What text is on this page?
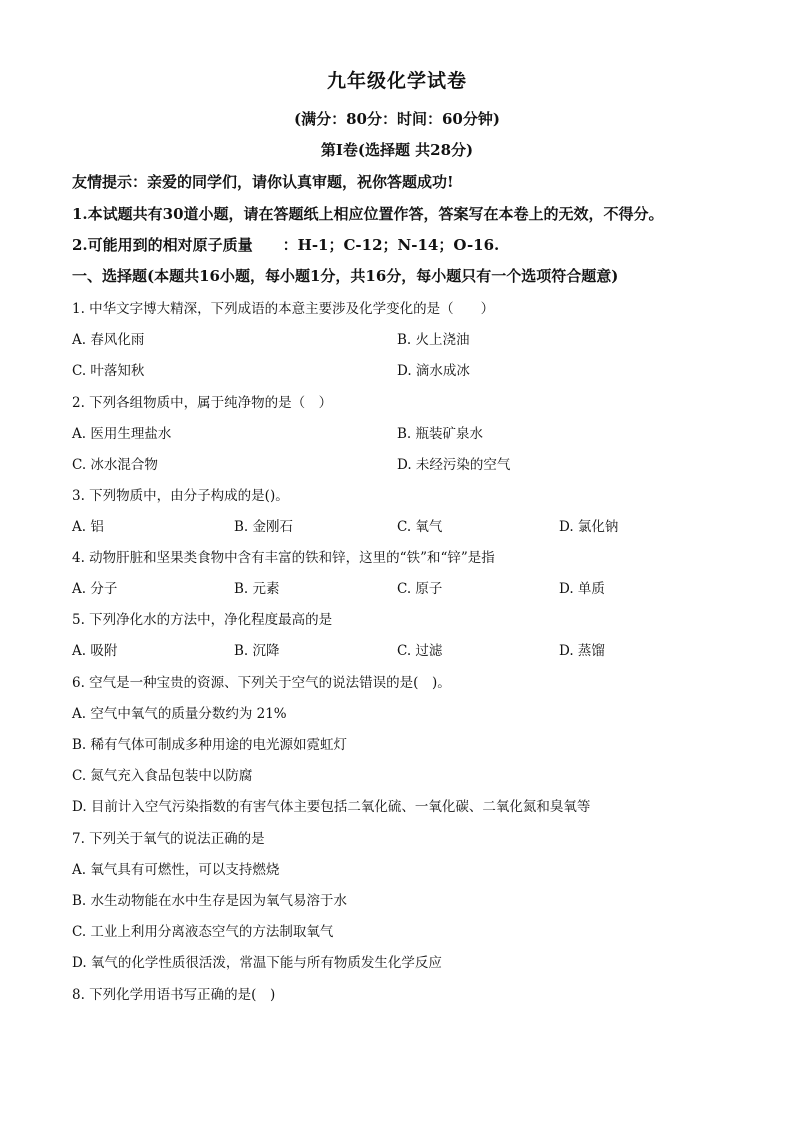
九年级化学试卷
(满分：80分：时间：60分钟)
第Ⅰ卷(选择题 共28分)
友情提示：亲爱的同学们，请你认真审题，祝你答题成功!
1.本试题共有30道小题，请在答题纸上相应位置作答，答案写在本卷上的无效，不得分。
2.可能用到的相对原子质量　　：H-1；C-12；N-14；O-16.
一、选择题(本题共16小题，每小题1分，共16分，每小题只有一个选项符合题意)
1. 中华文字博大精深，下列成语的本意主要涉及化学变化的是（　　）
A. 春风化雨	B. 火上浇油
C. 叶落知秋	D. 滴水成冰
2. 下列各组物质中，属于纯净物的是（　）
A. 医用生理盐水	B. 瓶装矿泉水
C. 冰水混合物	D. 未经污染的空气
3. 下列物质中，由分子构成的是()。
A. 铝	B. 金刚石	C. 氧气	D. 氯化钠
4. 动物肝脏和坚果类食物中含有丰富的铁和锌，这里的“铁”和“锌”是指
A. 分子	B. 元素	C. 原子	D. 单质
5. 下列净化水的方法中，净化程度最高的是
A. 吸附	B. 沉降	C. 过滤	D. 蒸馏
6. 空气是一种宝贵的资源、下列关于空气的说法错误的是(　)。
A. 空气中氧气的质量分数约为 21%
B. 稀有气体可制成多种用途的电光源如霓虹灯
C. 氮气充入食品包装中以防腐
D. 目前计入空气污染指数的有害气体主要包括二氧化硫、一氧化碳、二氧化氮和臭氧等
7. 下列关于氧气的说法正确的是
A. 氧气具有可燃性，可以支持燃烧
B. 水生动物能在水中生存是因为氧气易溶于水
C. 工业上利用分离液态空气的方法制取氧气
D. 氧气的化学性质很活泼，常温下能与所有物质发生化学反应
8. 下列化学用语书写正确的是(　)
